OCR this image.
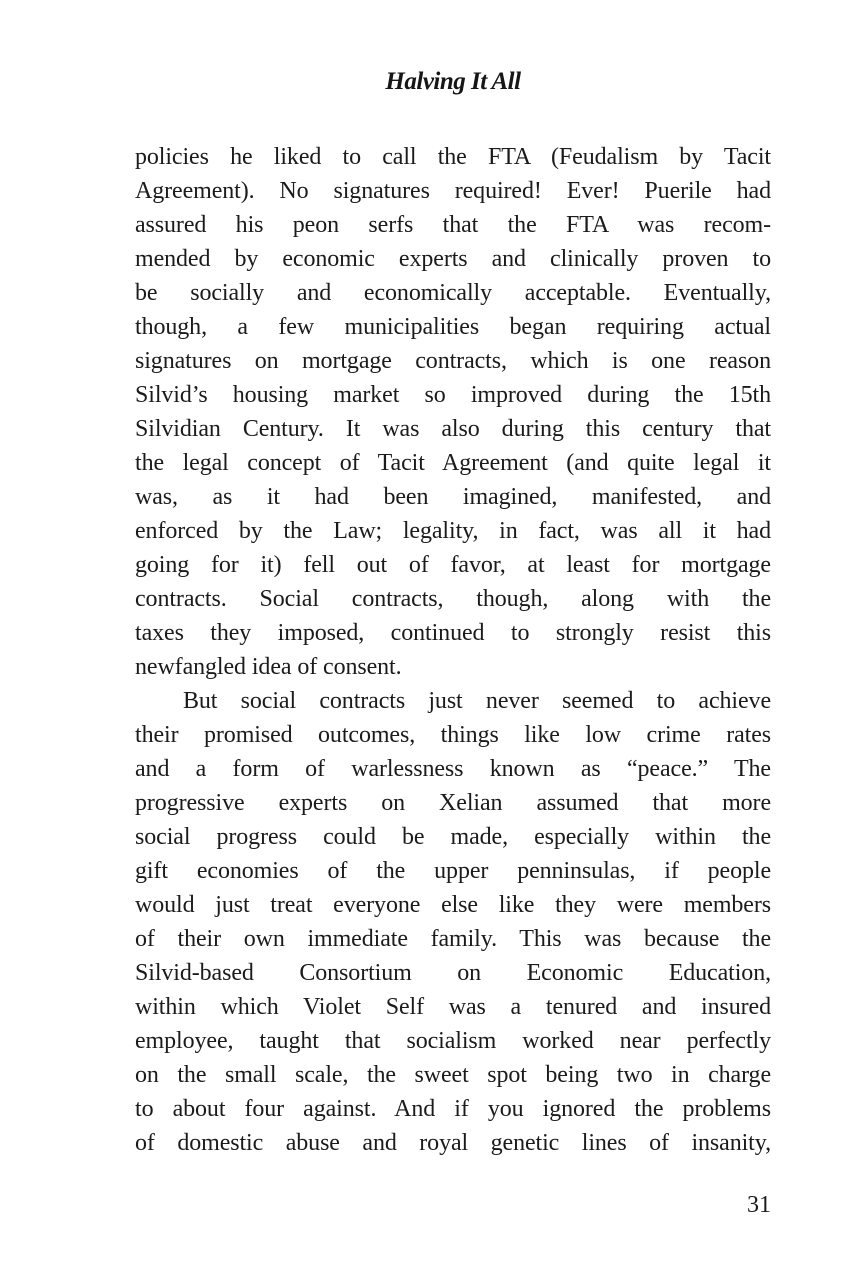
Halving It All
policies he liked to call the FTA (Feudalism by Tacit
Agreement). No signatures required! Ever! Puerile had
assured his peon serfs that the FTA was recom-
mended by economic experts and clinically proven to
be socially and economically acceptable. Eventually,
though, a few municipalities began requiring actual
signatures on mortgage contracts, which is one reason
Silvid’s housing market so improved during the 15th
Silvidian Century. It was also during this century that
the legal concept of Tacit Agreement (and quite legal it
was, as it had been imagined, manifested, and
enforced by the Law; legality, in fact, was all it had
going for it) fell out of favor, at least for mortgage
contracts. Social contracts, though, along with the
taxes they imposed, continued to strongly resist this
newfangled idea of consent.
But social contracts just never seemed to achieve
their promised outcomes, things like low crime rates
and a form of warlessness known as “peace.” The
progressive experts on Xelian assumed that more
social progress could be made, especially within the
gift economies of the upper penninsulas, if people
would just treat everyone else like they were members
of their own immediate family. This was because the
Silvid-based Consortium on Economic Education,
within which Violet Self was a tenured and insured
employee, taught that socialism worked near perfectly
on the small scale, the sweet spot being two in charge
to about four against. And if you ignored the problems
of domestic abuse and royal genetic lines of insanity,
31
